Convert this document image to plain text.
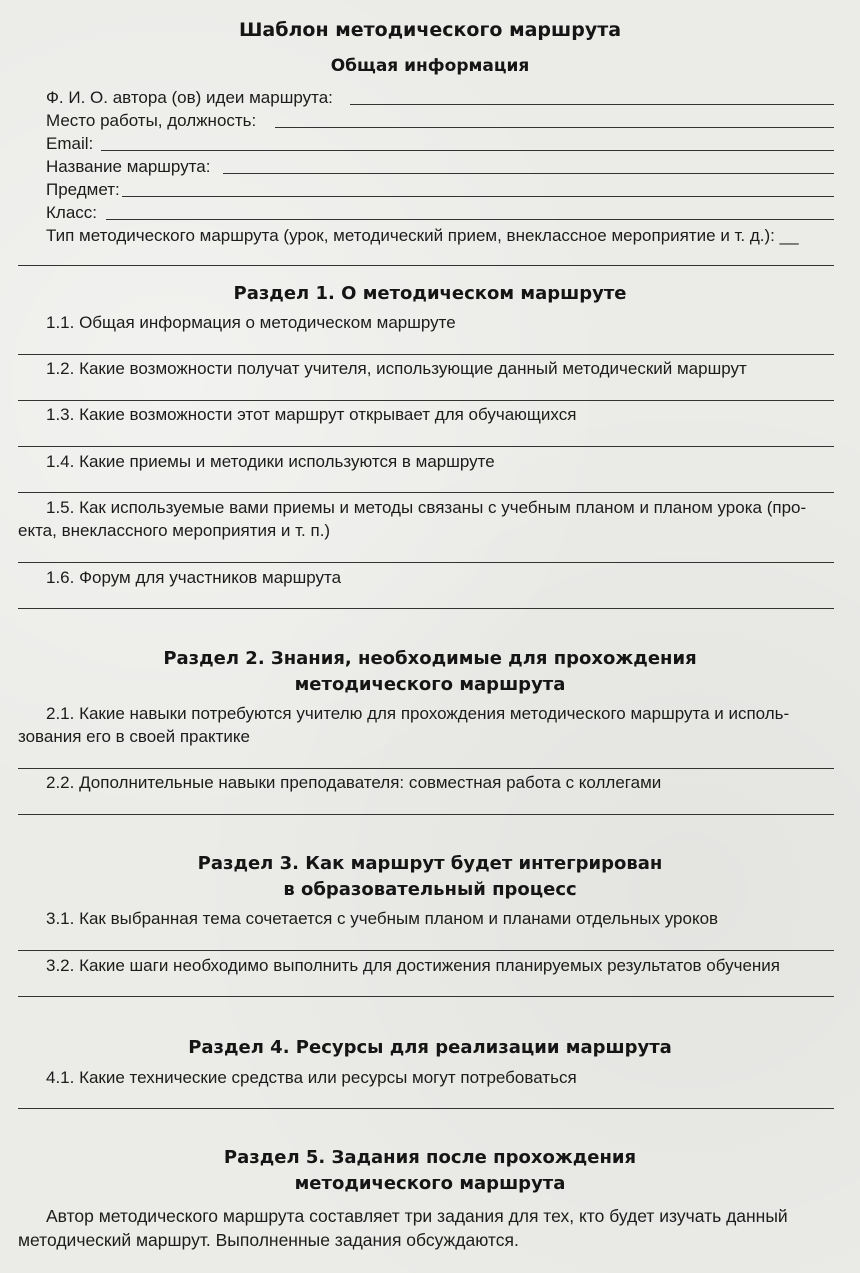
Шаблон методического маршрута
Общая информация
Ф. И. О. автора (ов) идеи маршрута:
Место работы, должность:
Email:
Название маршрута:
Предмет:
Класс:
Тип методического маршрута (урок, методический прием, внеклассное мероприятие и т. д.): __
Раздел 1. О методическом маршруте
1.1. Общая информация о методическом маршруте
1.2. Какие возможности получат учителя, использующие данный методический маршрут
1.3. Какие возможности этот маршрут открывает для обучающихся
1.4. Какие приемы и методики используются в маршруте
1.5. Как используемые вами приемы и методы связаны с учебным планом и планом урока (про-
екта, внеклассного мероприятия и т. п.)
1.6. Форум для участников маршрута
Раздел 2. Знания, необходимые для прохождения
методического маршрута
2.1. Какие навыки потребуются учителю для прохождения методического маршрута и исполь-
зования его в своей практике
2.2. Дополнительные навыки преподавателя: совместная работа с коллегами
Раздел 3. Как маршрут будет интегрирован
в образовательный процесс
3.1. Как выбранная тема сочетается с учебным планом и планами отдельных уроков
3.2. Какие шаги необходимо выполнить для достижения планируемых результатов обучения
Раздел 4. Ресурсы для реализации маршрута
4.1. Какие технические средства или ресурсы могут потребоваться
Раздел 5. Задания после прохождения
методического маршрута
Автор методического маршрута составляет три задания для тех, кто будет изучать данный
методический маршрут. Выполненные задания обсуждаются.
